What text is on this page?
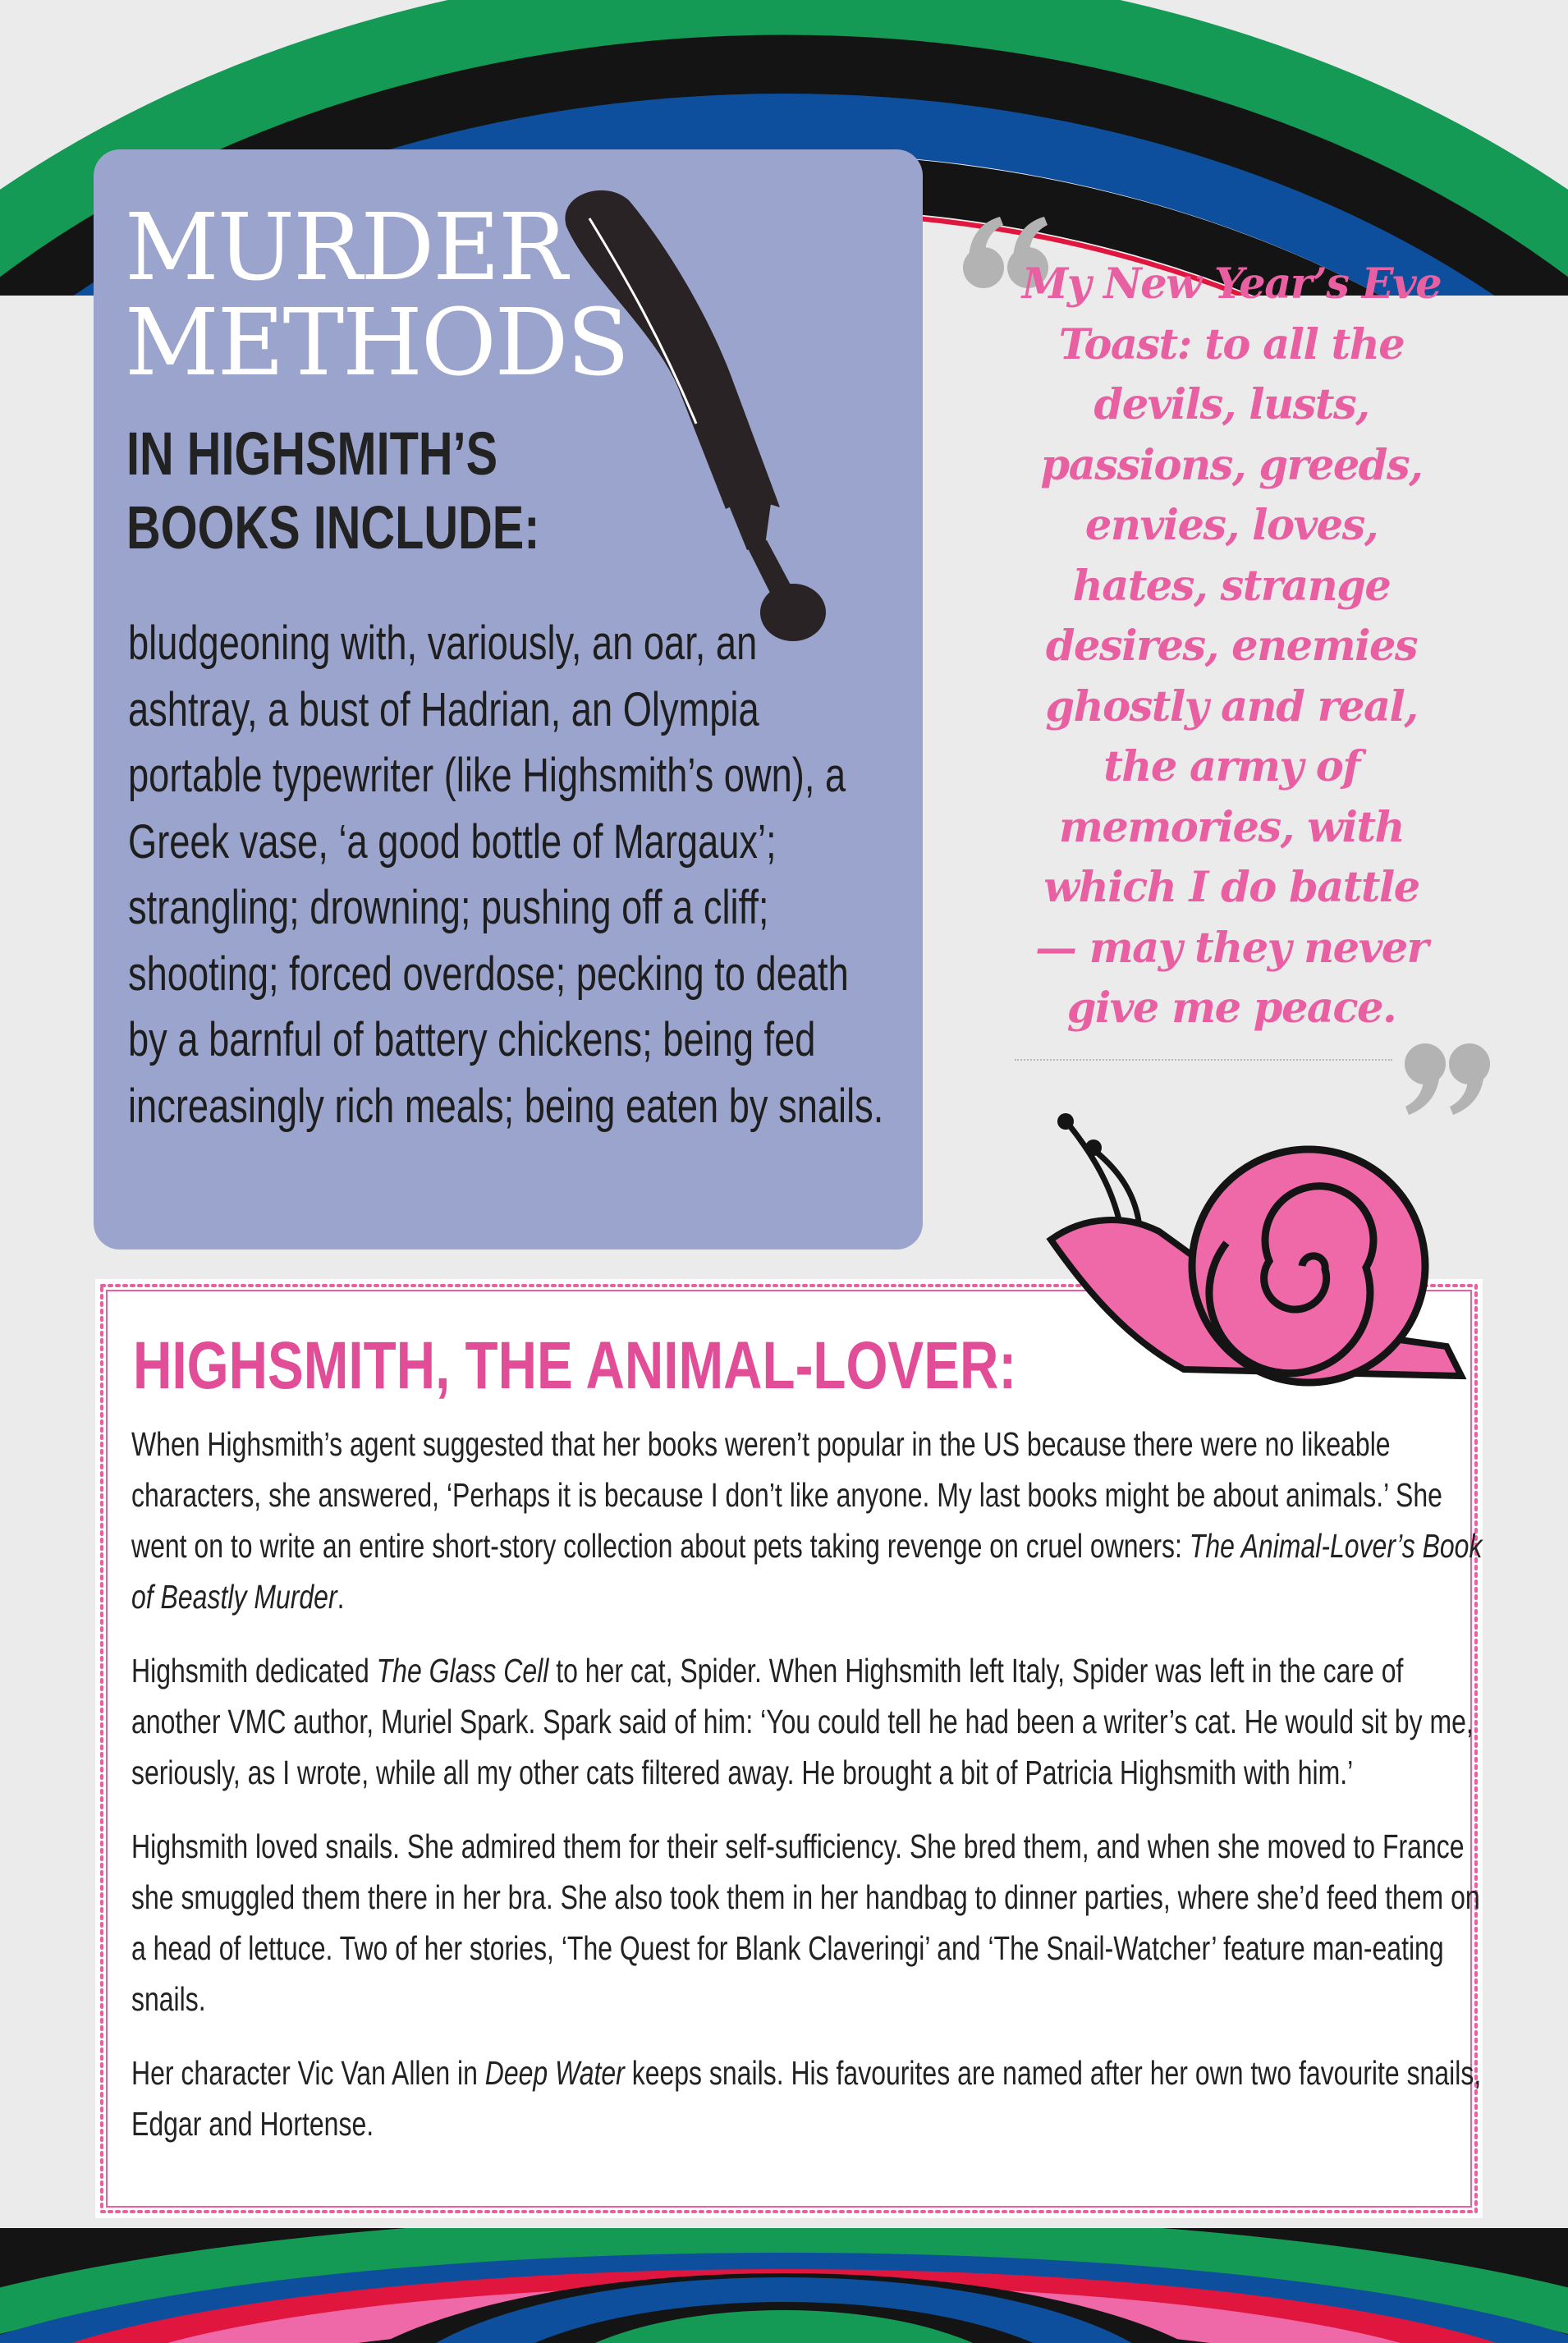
MURDER
METHODS
IN HIGHSMITH’S
BOOKS INCLUDE:

bludgeoning with, variously, an oar, an ashtray, a bust of Hadrian, an Olympia portable typewriter (like Highsmith’s own), a Greek vase, ‘a good bottle of Margaux’; strangling; drowning; pushing off a cliff; shooting; forced overdose; pecking to death by a barnful of battery chickens; being fed increasingly rich meals; being eaten by snails.

My New Year’s Eve Toast: to all the devils, lusts, passions, greeds, envies, loves, hates, strange desires, enemies ghostly and real, the army of memories, with which I do battle — may they never give me peace.

HIGHSMITH, THE ANIMAL-LOVER:

When Highsmith’s agent suggested that her books weren’t popular in the US because there were no likeable characters, she answered, ‘Perhaps it is because I don’t like anyone. My last books might be about animals.’ She went on to write an entire short-story collection about pets taking revenge on cruel owners: The Animal-Lover’s Book of Beastly Murder.

Highsmith dedicated The Glass Cell to her cat, Spider. When Highsmith left Italy, Spider was left in the care of another VMC author, Muriel Spark. Spark said of him: ‘You could tell he had been a writer’s cat. He would sit by me, seriously, as I wrote, while all my other cats filtered away. He brought a bit of Patricia Highsmith with him.’

Highsmith loved snails. She admired them for their self-sufficiency. She bred them, and when she moved to France she smuggled them there in her bra. She also took them in her handbag to dinner parties, where she’d feed them on a head of lettuce. Two of her stories, ‘The Quest for Blank Claveringi’ and ‘The Snail-Watcher’ feature man-eating snails.

Her character Vic Van Allen in Deep Water keeps snails. His favourites are named after her own two favourite snails, Edgar and Hortense.
